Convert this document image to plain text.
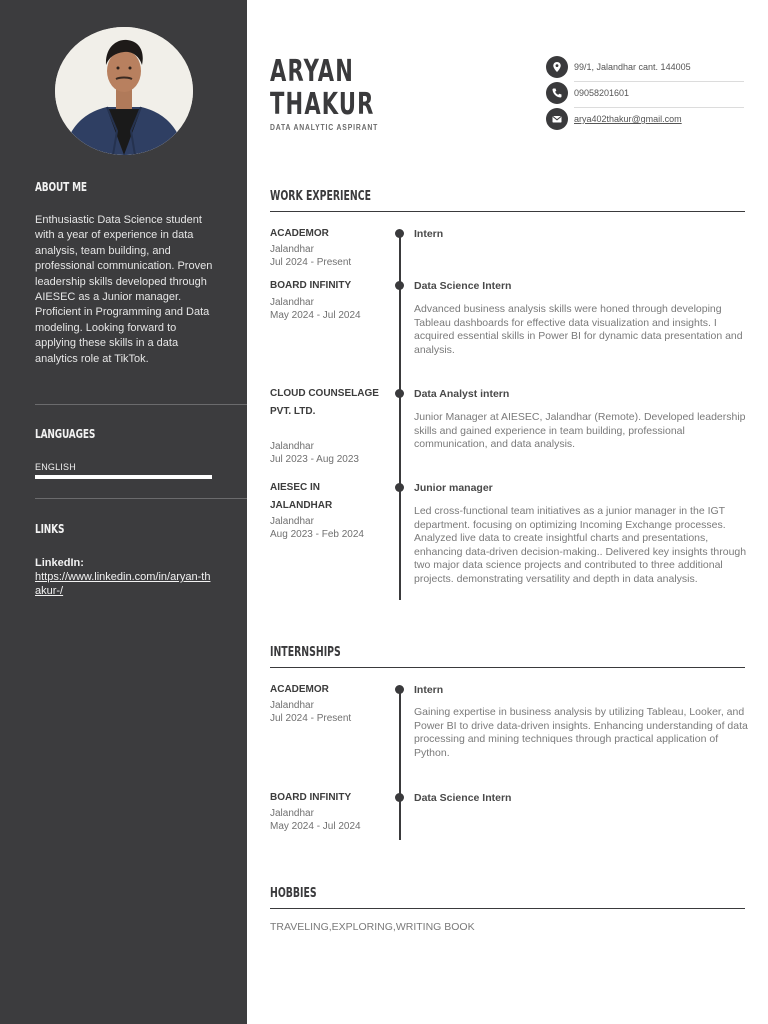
ABOUT ME
Enthusiastic Data Science student with a year of experience in data analysis, team building, and professional communication. Proven leadership skills developed through AIESEC as a Junior manager. Proficient in Programming and Data modeling. Looking forward to applying these skills in a data analytics role at TikTok.
LANGUAGES
ENGLISH
LINKS
LinkedIn:
https://www.linkedin.com/in/aryan-thakur-/
ARYAN
THAKUR
DATA ANALYTIC ASPIRANT
99/1, Jalandhar cant. 144005
09058201601
arya402thakur@gmail.com
WORK EXPERIENCE
ACADEMOR
Jalandhar
Jul 2024 - Present
Intern
BOARD INFINITY
Jalandhar
May 2024 - Jul 2024
Data Science Intern
Advanced business analysis skills were honed through developing Tableau dashboards for effective data visualization and insights. I acquired essential skills in Power BI for dynamic data presentation and analysis.
CLOUD COUNSELAGE PVT. LTD.
Jalandhar
Jul 2023 - Aug 2023
Data Analyst intern
Junior Manager at AIESEC, Jalandhar (Remote). Developed leadership skills and gained experience in team building, professional communication, and data analysis.
AIESEC IN JALANDHAR
Jalandhar
Aug 2023 - Feb 2024
Junior manager
Led cross-functional team initiatives as a junior manager in the IGT department. focusing on optimizing Incoming Exchange processes. Analyzed live data to create insightful charts and presentations, enhancing data-driven decision-making.. Delivered key insights through two major data science projects and contributed to three additional projects. demonstrating versatility and depth in data analysis.
INTERNSHIPS
ACADEMOR
Jalandhar
Jul 2024 - Present
Intern
Gaining expertise in business analysis by utilizing Tableau, Looker, and Power BI to drive data-driven insights. Enhancing understanding of data processing and mining techniques through practical application of Python.
BOARD INFINITY
Jalandhar
May 2024 - Jul 2024
Data Science Intern
HOBBIES
TRAVELING,EXPLORING,WRITING BOOK
